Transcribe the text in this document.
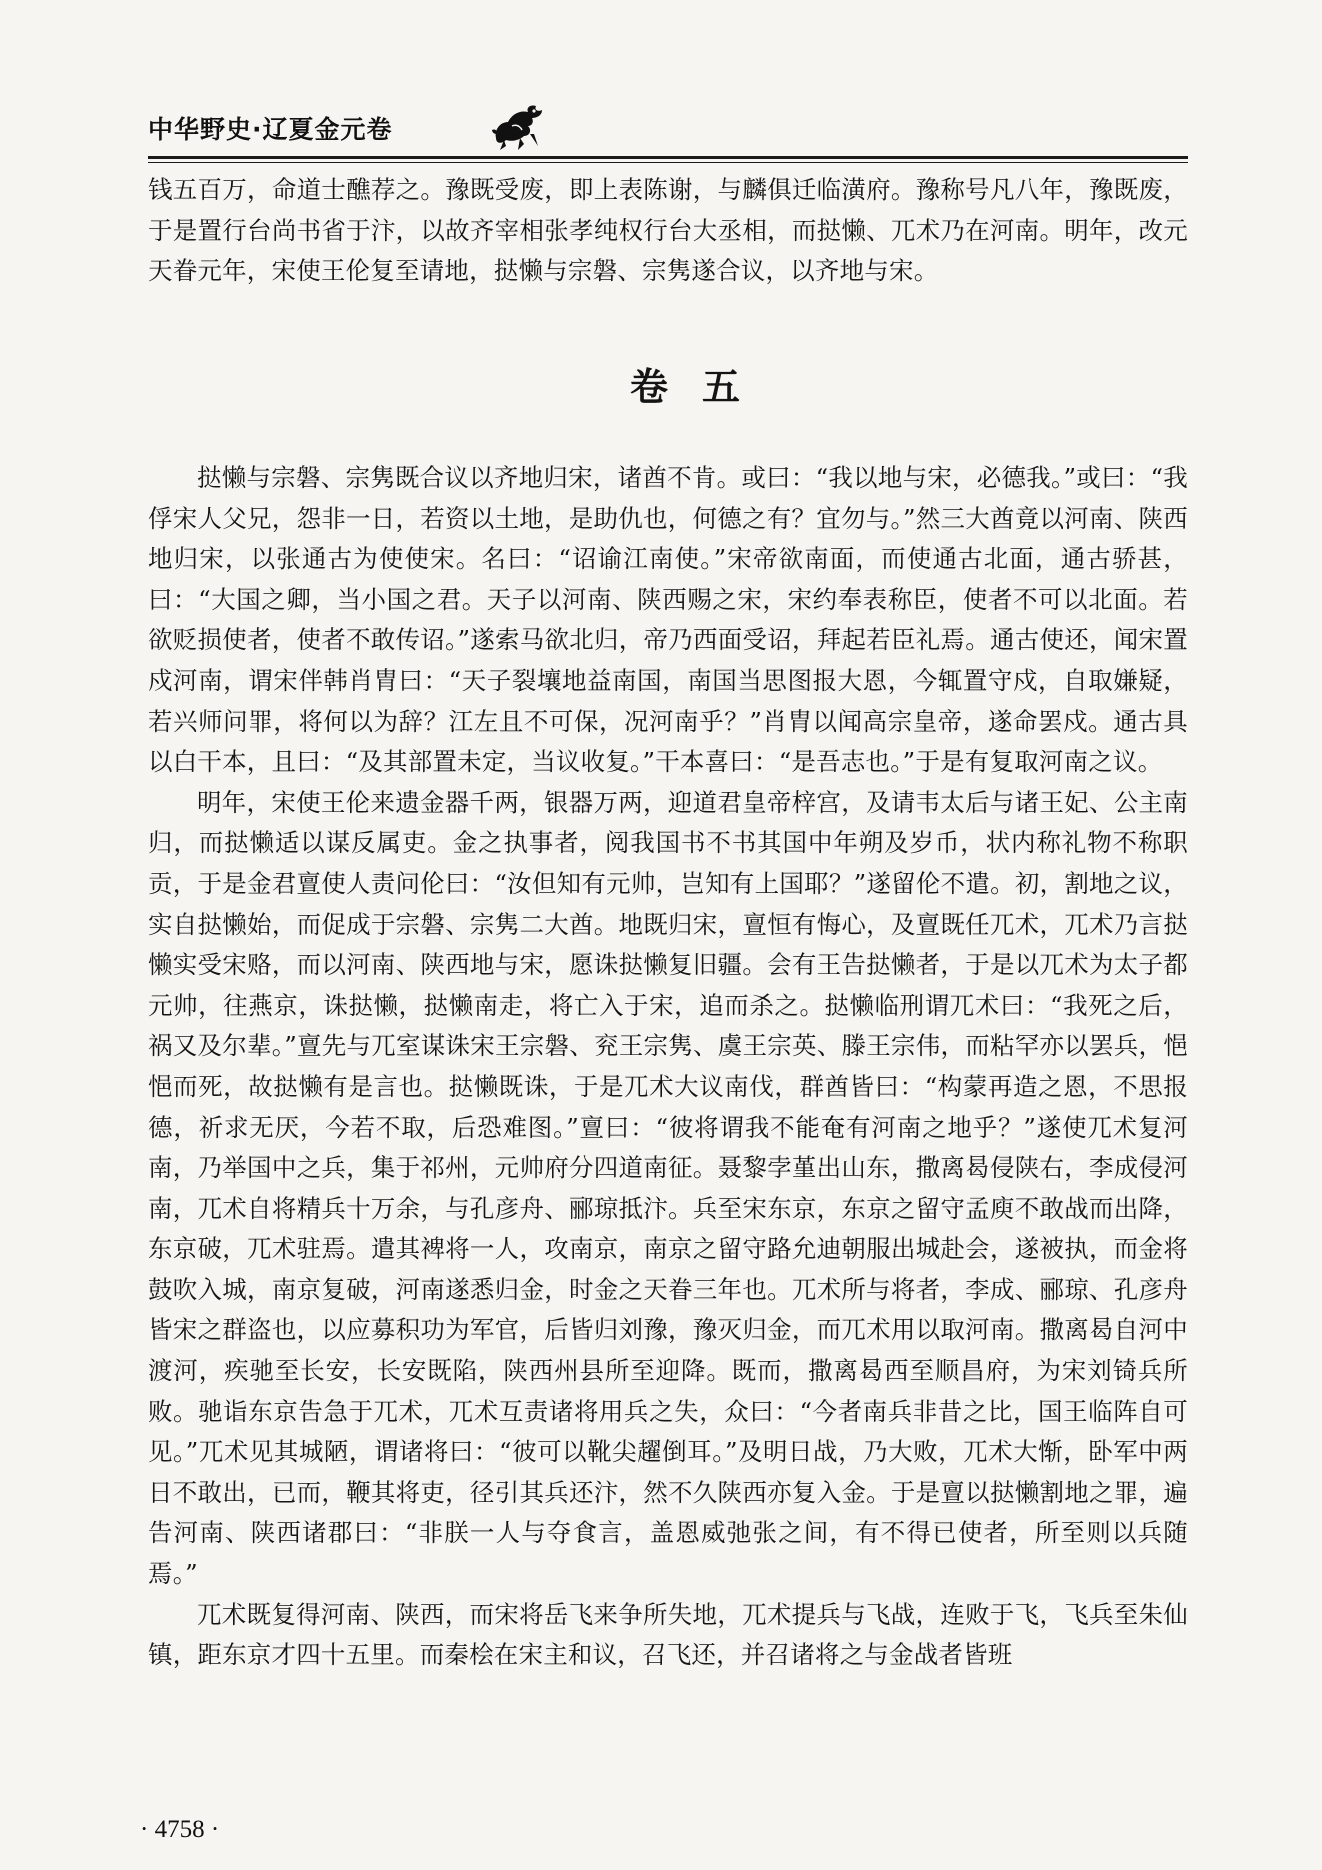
中华野史·辽夏金元卷

钱五百万，命道士醮荐之。豫既受废，即上表陈谢，与麟俱迁临潢府。豫称号凡八年，豫既废，于是置行台尚书省于汴，以故齐宰相张孝纯权行台大丞相，而挞懒、兀术乃在河南。明年，改元天眷元年，宋使王伦复至请地，挞懒与宗磐、宗隽遂合议，以齐地与宋。

卷五

挞懒与宗磐、宗隽既合议以齐地归宋，诸酋不肯。或曰：“我以地与宋，必德我。”或曰：“我俘宋人父兄，怨非一日，若资以土地，是助仇也，何德之有？宜勿与。”然三大酋竟以河南、陕西地归宋，以张通古为使使宋。名曰：“诏谕江南使。”宋帝欲南面，而使通古北面，通古骄甚，曰：“大国之卿，当小国之君。天子以河南、陕西赐之宋，宋约奉表称臣，使者不可以北面。若欲贬损使者，使者不敢传诏。”遂索马欲北归，帝乃西面受诏，拜起若臣礼焉。通古使还，闻宋置戍河南，谓宋伴韩肖胄曰：“天子裂壤地益南国，南国当思图报大恩，今辄置守戍，自取嫌疑，若兴师问罪，将何以为辞？江左且不可保，况河南乎？”肖胄以闻高宗皇帝，遂命罢戍。通古具以白干本，且曰：“及其部置未定，当议收复。”干本喜曰：“是吾志也。”于是有复取河南之议。

明年，宋使王伦来遗金器千两，银器万两，迎道君皇帝梓宫，及请韦太后与诸王妃、公主南归，而挞懒适以谋反属吏。金之执事者，阅我国书不书其国中年朔及岁币，状内称礼物不称职贡，于是金君亶使人责问伦曰：“汝但知有元帅，岂知有上国耶？”遂留伦不遣。初，割地之议，实自挞懒始，而促成于宗磐、宗隽二大酋。地既归宋，亶恒有悔心，及亶既任兀术，兀术乃言挞懒实受宋赂，而以河南、陕西地与宋，愿诛挞懒复旧疆。会有王告挞懒者，于是以兀术为太子都元帅，往燕京，诛挞懒，挞懒南走，将亡入于宋，追而杀之。挞懒临刑谓兀术曰：“我死之后，祸又及尔辈。”亶先与兀室谋诛宋王宗磐、兖王宗隽、虞王宗英、滕王宗伟，而粘罕亦以罢兵，悒悒而死，故挞懒有是言也。挞懒既诛，于是兀术大议南伐，群酋皆曰：“构蒙再造之恩，不思报德，祈求无厌，今若不取，后恐难图。”亶曰：“彼将谓我不能奄有河南之地乎？”遂使兀术复河南，乃举国中之兵，集于祁州，元帅府分四道南征。聂黎孛堇出山东，撒离曷侵陕右，李成侵河南，兀术自将精兵十万余，与孔彦舟、郦琼抵汴。兵至宋东京，东京之留守孟庾不敢战而出降，东京破，兀术驻焉。遣其裨将一人，攻南京，南京之留守路允迪朝服出城赴会，遂被执，而金将鼓吹入城，南京复破，河南遂悉归金，时金之天眷三年也。兀术所与将者，李成、郦琼、孔彦舟皆宋之群盗也，以应募积功为军官，后皆归刘豫，豫灭归金，而兀术用以取河南。撒离曷自河中渡河，疾驰至长安，长安既陷，陕西州县所至迎降。既而，撒离曷西至顺昌府，为宋刘锜兵所败。驰诣东京告急于兀术，兀术互责诸将用兵之失，众曰：“今者南兵非昔之比，国王临阵自可见。”兀术见其城陋，谓诸将曰：“彼可以靴尖趯倒耳。”及明日战，乃大败，兀术大惭，卧军中两日不敢出，已而，鞭其将吏，径引其兵还汴，然不久陕西亦复入金。于是亶以挞懒割地之罪，遍告河南、陕西诸郡曰：“非朕一人与夺食言，盖恩威弛张之间，有不得已使者，所至则以兵随焉。”

兀术既复得河南、陕西，而宋将岳飞来争所失地，兀术提兵与飞战，连败于飞，飞兵至朱仙镇，距东京才四十五里。而秦桧在宋主和议，召飞还，并召诸将之与金战者皆班

· 4758 ·
